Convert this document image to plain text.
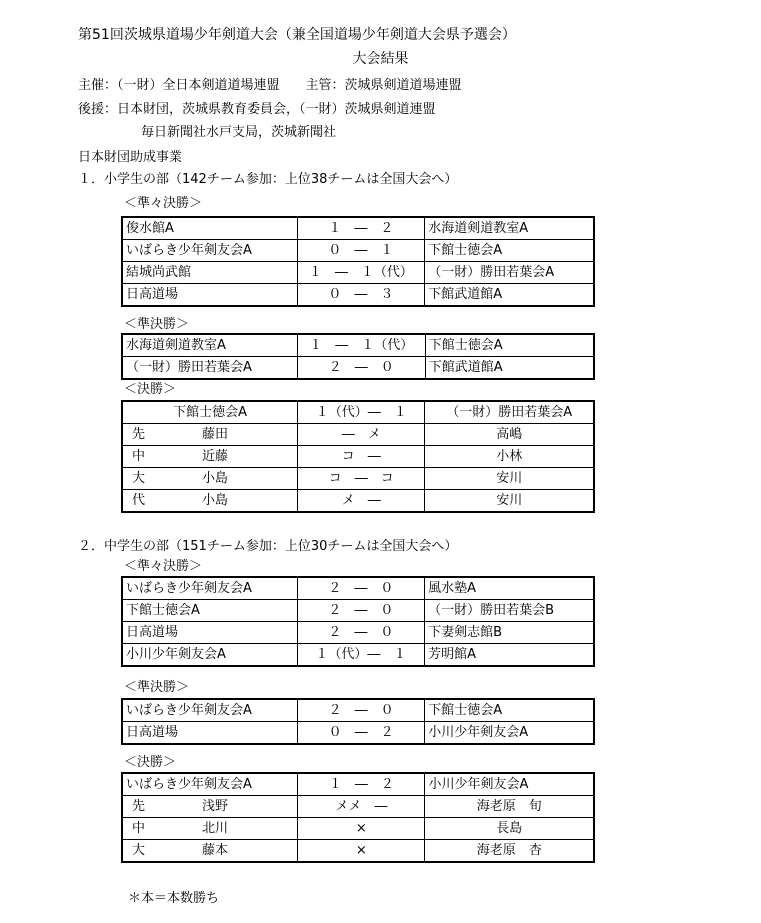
第51回茨城県道場少年剣道大会（兼全国道場少年剣道大会県予選会）
大会結果
主催：（一財）全日本剣道道場連盟　　主管：茨城県剣道道場連盟
後援：日本財団，茨城県教育委員会，（一財）茨城県剣道連盟
毎日新聞社水戸支局，茨城新聞社
日本財団助成事業
１．小学生の部（142チーム参加：上位38チームは全国大会へ）
＜準々決勝＞
俊水館A	１　―　２	水海道剣道教室A
いばらき少年剣友会A	０　―　１	下館士徳会A
結城尚武館	１　―　１（代）	（一財）勝田若葉会A
日高道場	０　―　３	下館武道館A
＜準決勝＞
水海道剣道教室A	１　―　１（代）	下館士徳会A
（一財）勝田若葉会A	２　―　０	下館武道館A
＜決勝＞
下館士徳会A	１（代）―　１	（一財）勝田若葉会A
先 藤田	―　メ	高嶋
中 近藤	コ　―	小林
大 小島	コ　―　コ	安川
代 小島	メ　―	安川
２．中学生の部（151チーム参加：上位30チームは全国大会へ）
＜準々決勝＞
いばらき少年剣友会A	２　―　０	風水塾A
下館士徳会A	２　―　０	（一財）勝田若葉会B
日高道場	２　―　０	下妻剣志館B
小川少年剣友会A	１（代）―　１	芳明館A
＜準決勝＞
いばらき少年剣友会A	２　―　０	下館士徳会A
日高道場	０　―　２	小川少年剣友会A
＜決勝＞
いばらき少年剣友会A	１　―　２	小川少年剣友会A
先 浅野	メメ　―	海老原　旬
中 北川	×	長島
大 藤本	×	海老原　杏
＊本＝本数勝ち
